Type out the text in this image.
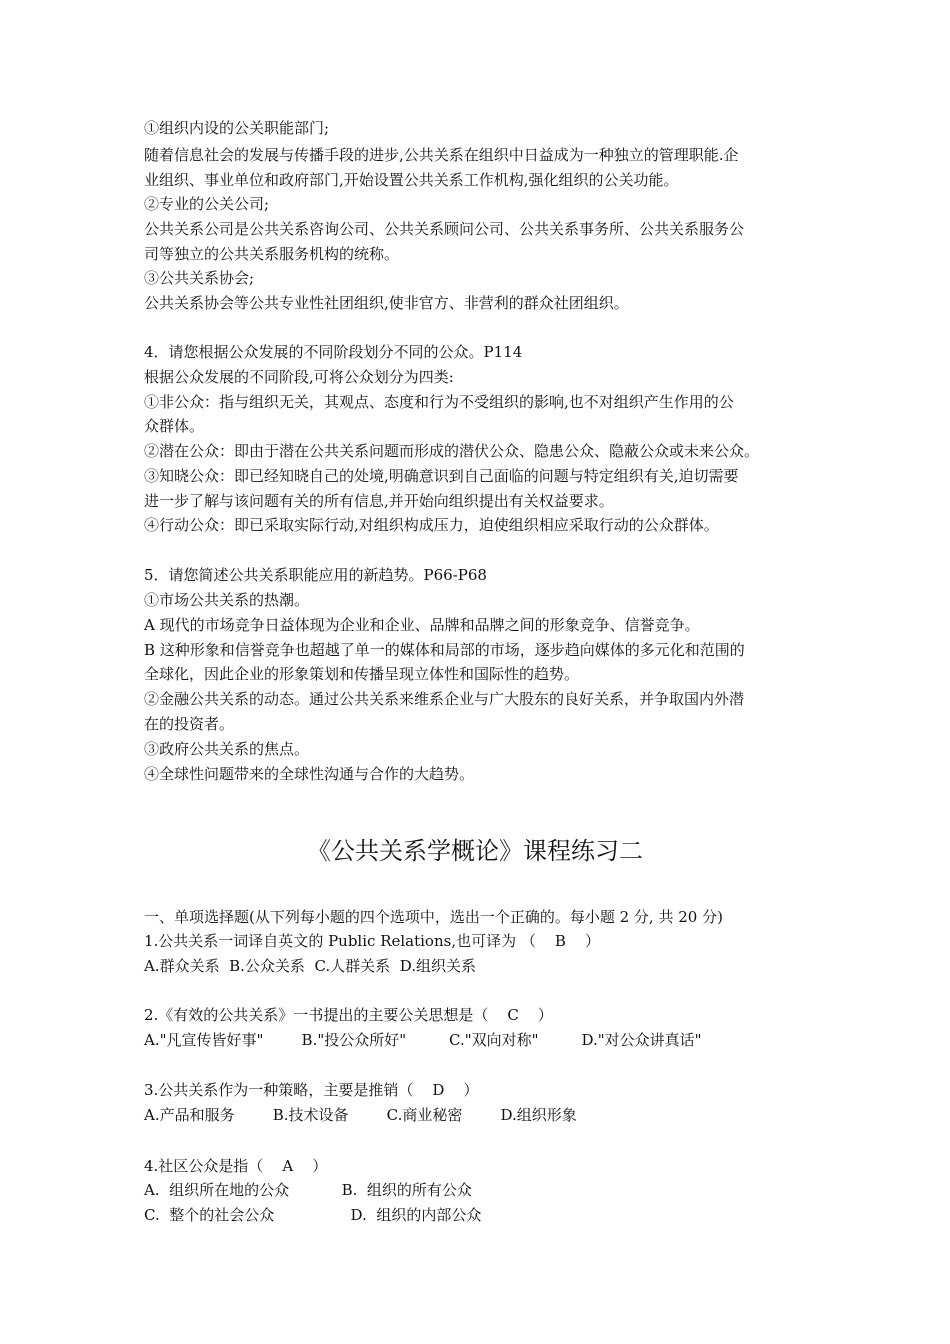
①组织内设的公关职能部门;
随着信息社会的发展与传播手段的进步,公共关系在组织中日益成为一种独立的管理职能.企
业组织、事业单位和政府部门,开始设置公共关系工作机构,强化组织的公关功能。
②专业的公关公司;
公共关系公司是公共关系咨询公司、公共关系顾问公司、公共关系事务所、公共关系服务公
司等独立的公共关系服务机构的统称。
③公共关系协会;
公共关系协会等公共专业性社团组织,使非官方、非营利的群众社团组织。
4．请您根据公众发展的不同阶段划分不同的公众。P114
根据公众发展的不同阶段,可将公众划分为四类:
①非公众：指与组织无关，其观点、态度和行为不受组织的影响,也不对组织产生作用的公
众群体。
②潜在公众：即由于潜在公共关系问题而形成的潜伏公众、隐患公众、隐蔽公众或未来公众。
③知晓公众：即已经知晓自己的处境,明确意识到自己面临的问题与特定组织有关,迫切需要
进一步了解与该问题有关的所有信息,并开始向组织提出有关权益要求。
④行动公众：即已采取实际行动,对组织构成压力，迫使组织相应采取行动的公众群体。
5．请您简述公共关系职能应用的新趋势。P66-P68
①市场公共关系的热潮。
A 现代的市场竞争日益体现为企业和企业、品牌和品牌之间的形象竞争、信誉竞争。
B 这种形象和信誉竞争也超越了单一的媒体和局部的市场，逐步趋向媒体的多元化和范围的
全球化，因此企业的形象策划和传播呈现立体性和国际性的趋势。
②金融公共关系的动态。通过公共关系来维系企业与广大股东的良好关系，并争取国内外潜
在的投资者。
③政府公共关系的焦点。
④全球性问题带来的全球性沟通与合作的大趋势。
《公共关系学概论》课程练习二
一、单项选择题(从下列每小题的四个选项中，选出一个正确的。每小题 2 分, 共 20 分)
1.公共关系一词译自英文的 Public Relations,也可译为 （    B    ）
A.群众关系  B.公众关系  C.人群关系  D.组织关系
2.《有效的公共关系》一书提出的主要公关思想是（    C    ）
A."凡宣传皆好事"        B."投公众所好"         C."双向对称"         D."对公众讲真话"
3.公共关系作为一种策略，主要是推销（    D    ）
A.产品和服务        B.技术设备        C.商业秘密        D.组织形象
4.社区公众是指（    A    ）
A.  组织所在地的公众           B.  组织的所有公众
C.  整个的社会公众                D.  组织的内部公众
